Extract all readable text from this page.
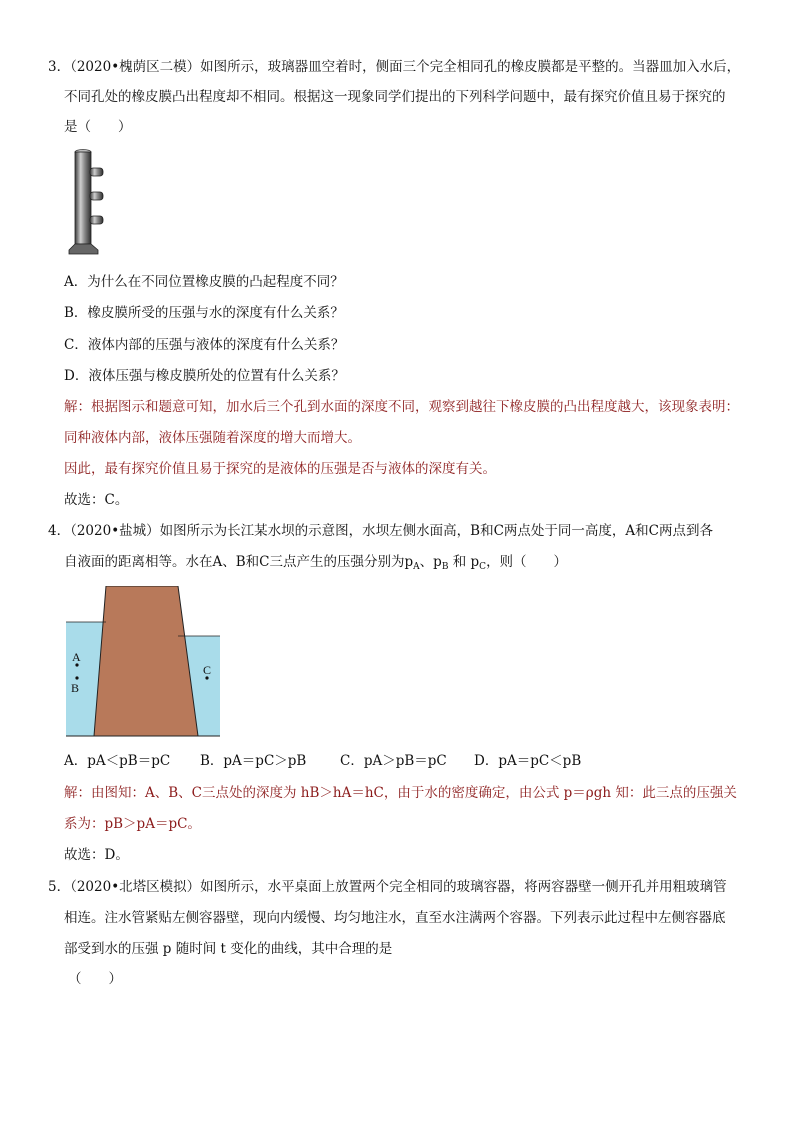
3．（2020•槐荫区二模）如图所示，玻璃器皿空着时，侧面三个完全相同孔的橡皮膜都是平整的。当器皿加入水后，
不同孔处的橡皮膜凸出程度却不相同。根据这一现象同学们提出的下列科学问题中，最有探究价值且易于探究的
是（　　）
A．为什么在不同位置橡皮膜的凸起程度不同？
B．橡皮膜所受的压强与水的深度有什么关系？
C．液体内部的压强与液体的深度有什么关系？
D．液体压强与橡皮膜所处的位置有什么关系？
解：根据图示和题意可知，加水后三个孔到水面的深度不同，观察到越往下橡皮膜的凸出程度越大，该现象表明：
同种液体内部，液体压强随着深度的增大而增大。
因此，最有探究价值且易于探究的是液体的压强是否与液体的深度有关。
故选：C。
4．（2020•盐城）如图所示为长江某水坝的示意图，水坝左侧水面高，B和C两点处于同一高度，A和C两点到各
自液面的距离相等。水在A、B和C三点产生的压强分别为$p_A$、$p_B$ 和 $p_C$，则（　　）
A
B
C
A．pA＜pB＝pC B．pA＝pC＞pB C．pA＞pB＝pC D．pA＝pC＜pB
解：由图知：A、B、C三点处的深度为 hB＞hA＝hC，由于水的密度确定，由公式 p＝ρgh 知：此三点的压强关
系为：pB＞pA＝pC。
故选：D。
5．（2020•北塔区模拟）如图所示，水平桌面上放置两个完全相同的玻璃容器，将两容器壁一侧开孔并用粗玻璃管
相连。注水管紧贴左侧容器壁，现向内缓慢、均匀地注水，直至水注满两个容器。下列表示此过程中左侧容器底
部受到水的压强 p 随时间 t 变化的曲线，其中合理的是
（　　）
